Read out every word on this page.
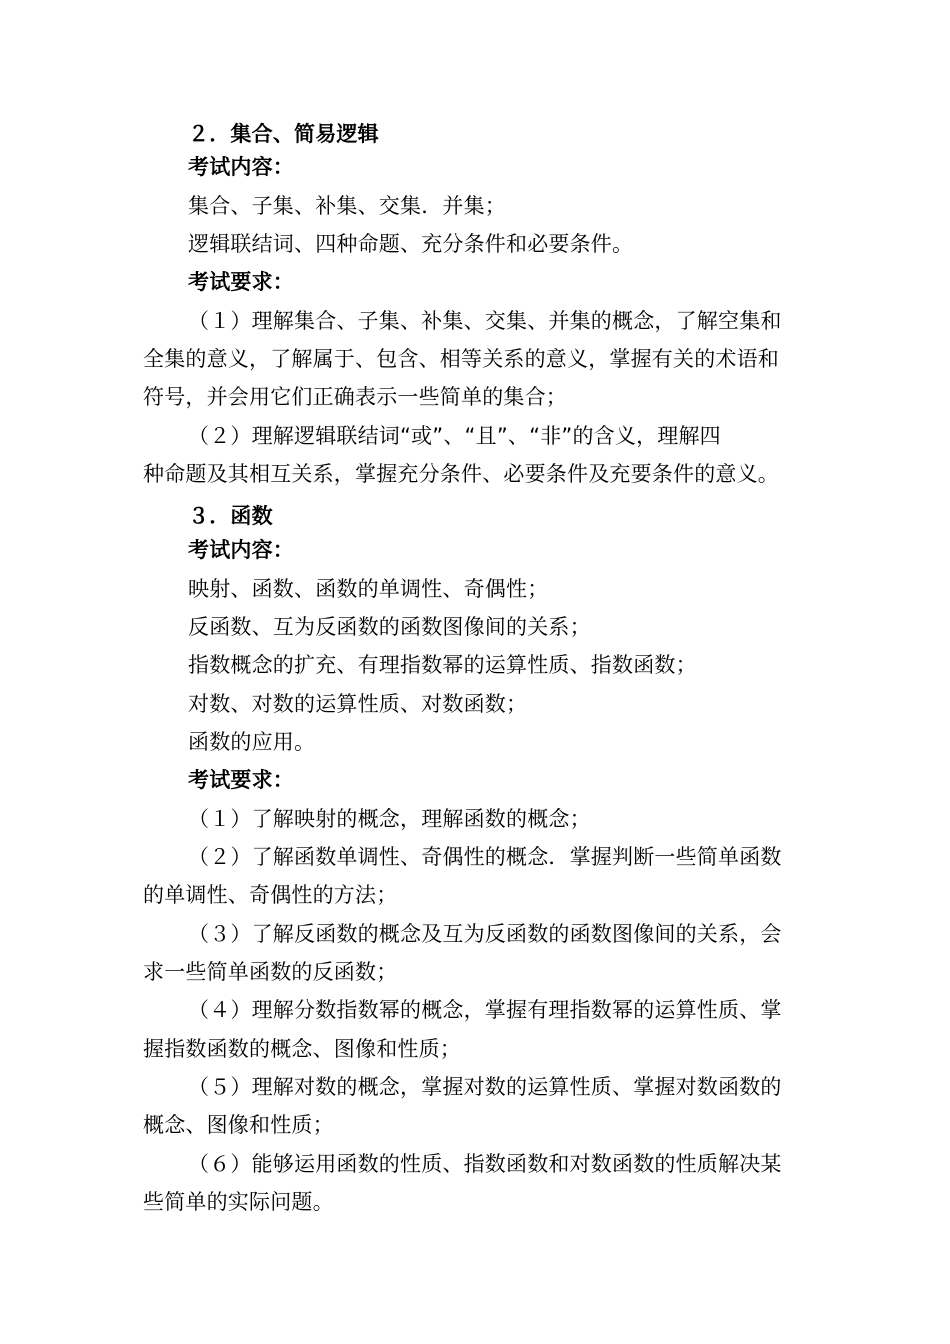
２．集合、简易逻辑
考试内容：
集合、子集、补集、交集．并集；
逻辑联结词、四种命题、充分条件和必要条件。
考试要求：
（１）理解集合、子集、补集、交集、并集的概念，了解空集和
全集的意义，了解属于、包含、相等关系的意义，掌握有关的术语和
符号，并会用它们正确表示一些简单的集合；
（２）理解逻辑联结词“或”、“且”、“非”的含义，理解四
种命题及其相互关系，掌握充分条件、必要条件及充要条件的意义。
３．函数
考试内容：
映射、函数、函数的单调性、奇偶性；
反函数、互为反函数的函数图像间的关系；
指数概念的扩充、有理指数幂的运算性质、指数函数；
对数、对数的运算性质、对数函数；
函数的应用。
考试要求：
（１）了解映射的概念，理解函数的概念；
（２）了解函数单调性、奇偶性的概念．掌握判断一些简单函数
的单调性、奇偶性的方法；
（３）了解反函数的概念及互为反函数的函数图像间的关系，会
求一些简单函数的反函数；
（４）理解分数指数幂的概念，掌握有理指数幂的运算性质、掌
握指数函数的概念、图像和性质；
（５）理解对数的概念，掌握对数的运算性质、掌握对数函数的
概念、图像和性质；
（６）能够运用函数的性质、指数函数和对数函数的性质解决某
些简单的实际问题。
